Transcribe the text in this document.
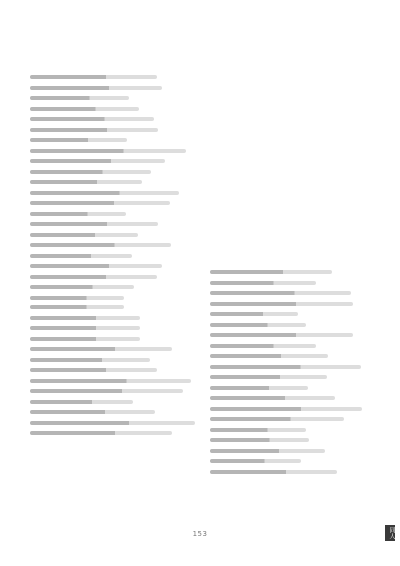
153	同人
